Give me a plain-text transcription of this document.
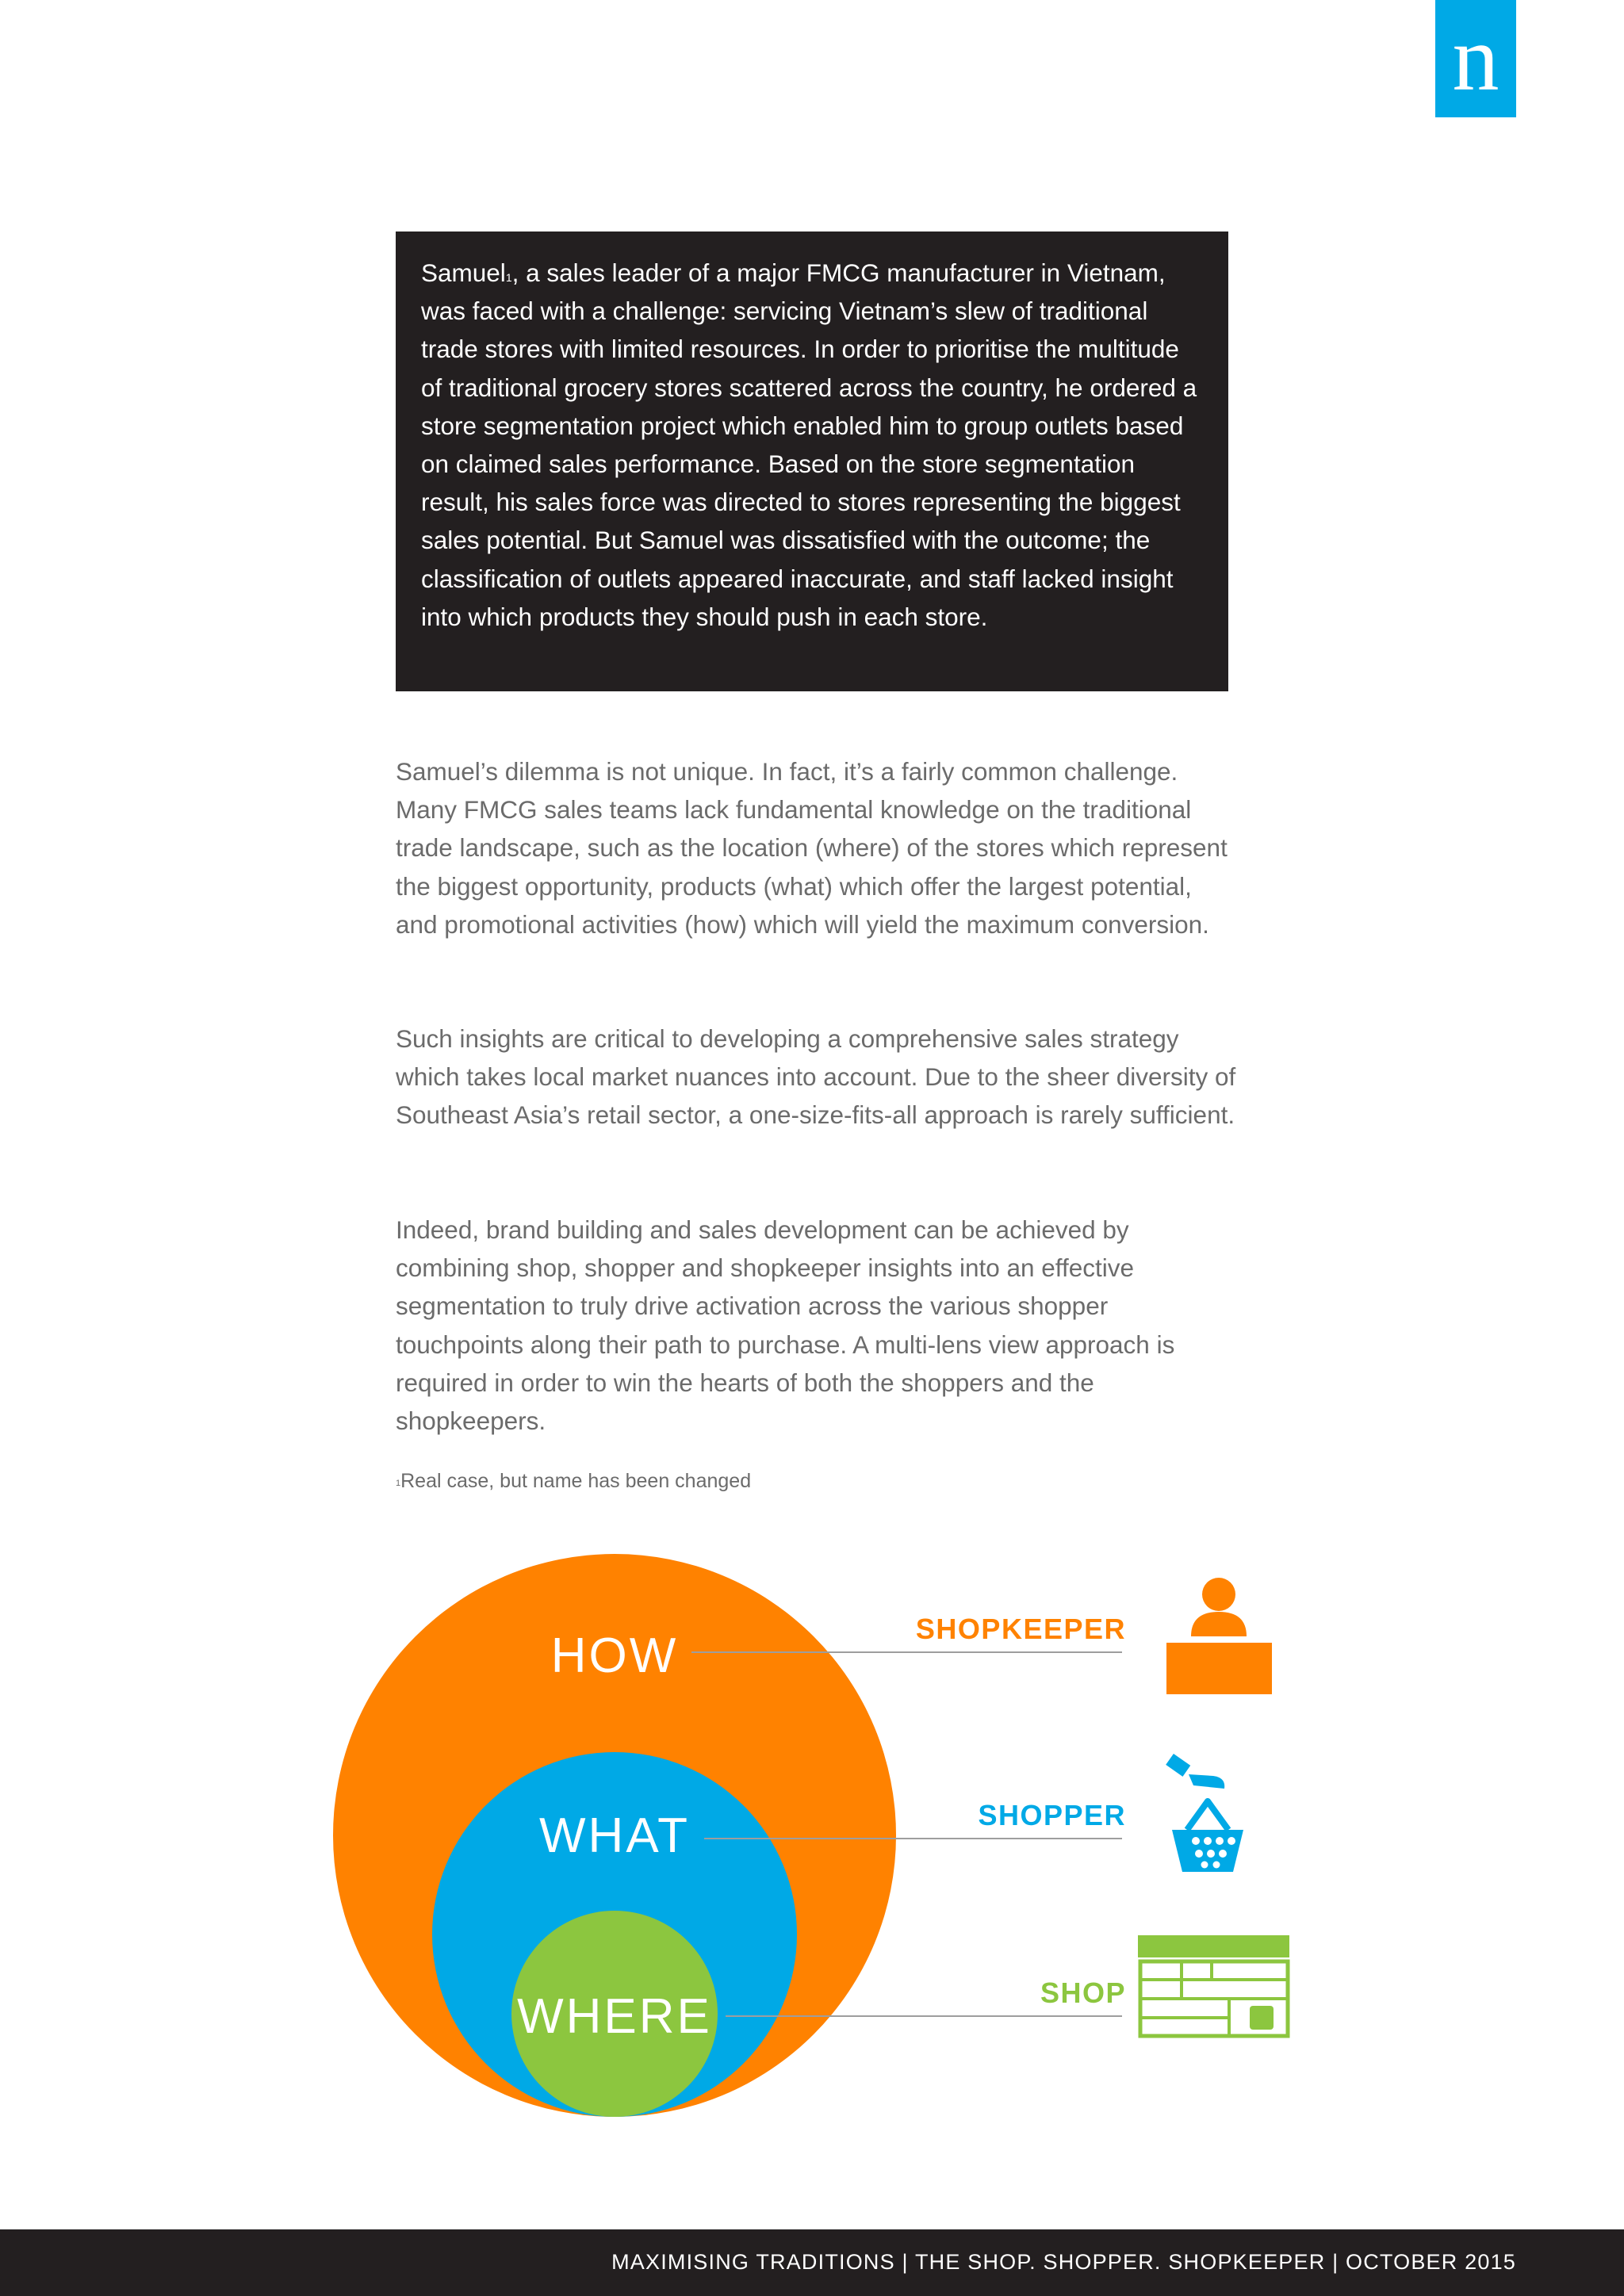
n
Samuel$^1$, a sales leader of a major FMCG manufacturer in Vietnam, was faced with a challenge: servicing Vietnam’s slew of traditional trade stores with limited resources. In order to prioritise the multitude of traditional grocery stores scattered across the country, he ordered a store segmentation project which enabled him to group outlets based on claimed sales performance. Based on the store segmentation result, his sales force was directed to stores representing the biggest sales potential. But Samuel was dissatisfied with the outcome; the classification of outlets appeared inaccurate, and staff lacked insight into which products they should push in each store.

Samuel’s dilemma is not unique. In fact, it’s a fairly common challenge. Many FMCG sales teams lack fundamental knowledge on the traditional trade landscape, such as the location (where) of the stores which represent the biggest opportunity, products (what) which offer the largest potential, and promotional activities (how) which will yield the maximum conversion.

Such insights are critical to developing a comprehensive sales strategy which takes local market nuances into account. Due to the sheer diversity of Southeast Asia’s retail sector, a one-size-fits-all approach is rarely sufficient.

Indeed, brand building and sales development can be achieved by combining shop, shopper and shopkeeper insights into an effective segmentation to truly drive activation across the various shopper touchpoints along their path to purchase. A multi-lens view approach is required in order to win the hearts of both the shoppers and the shopkeepers.

$^1$Real case, but name has been changed
HOW
WHAT
WHERE
SHOPKEEPER
SHOPPER
SHOP
MAXIMISING TRADITIONS | THE SHOP. SHOPPER. SHOPKEEPER | OCTOBER 2015
